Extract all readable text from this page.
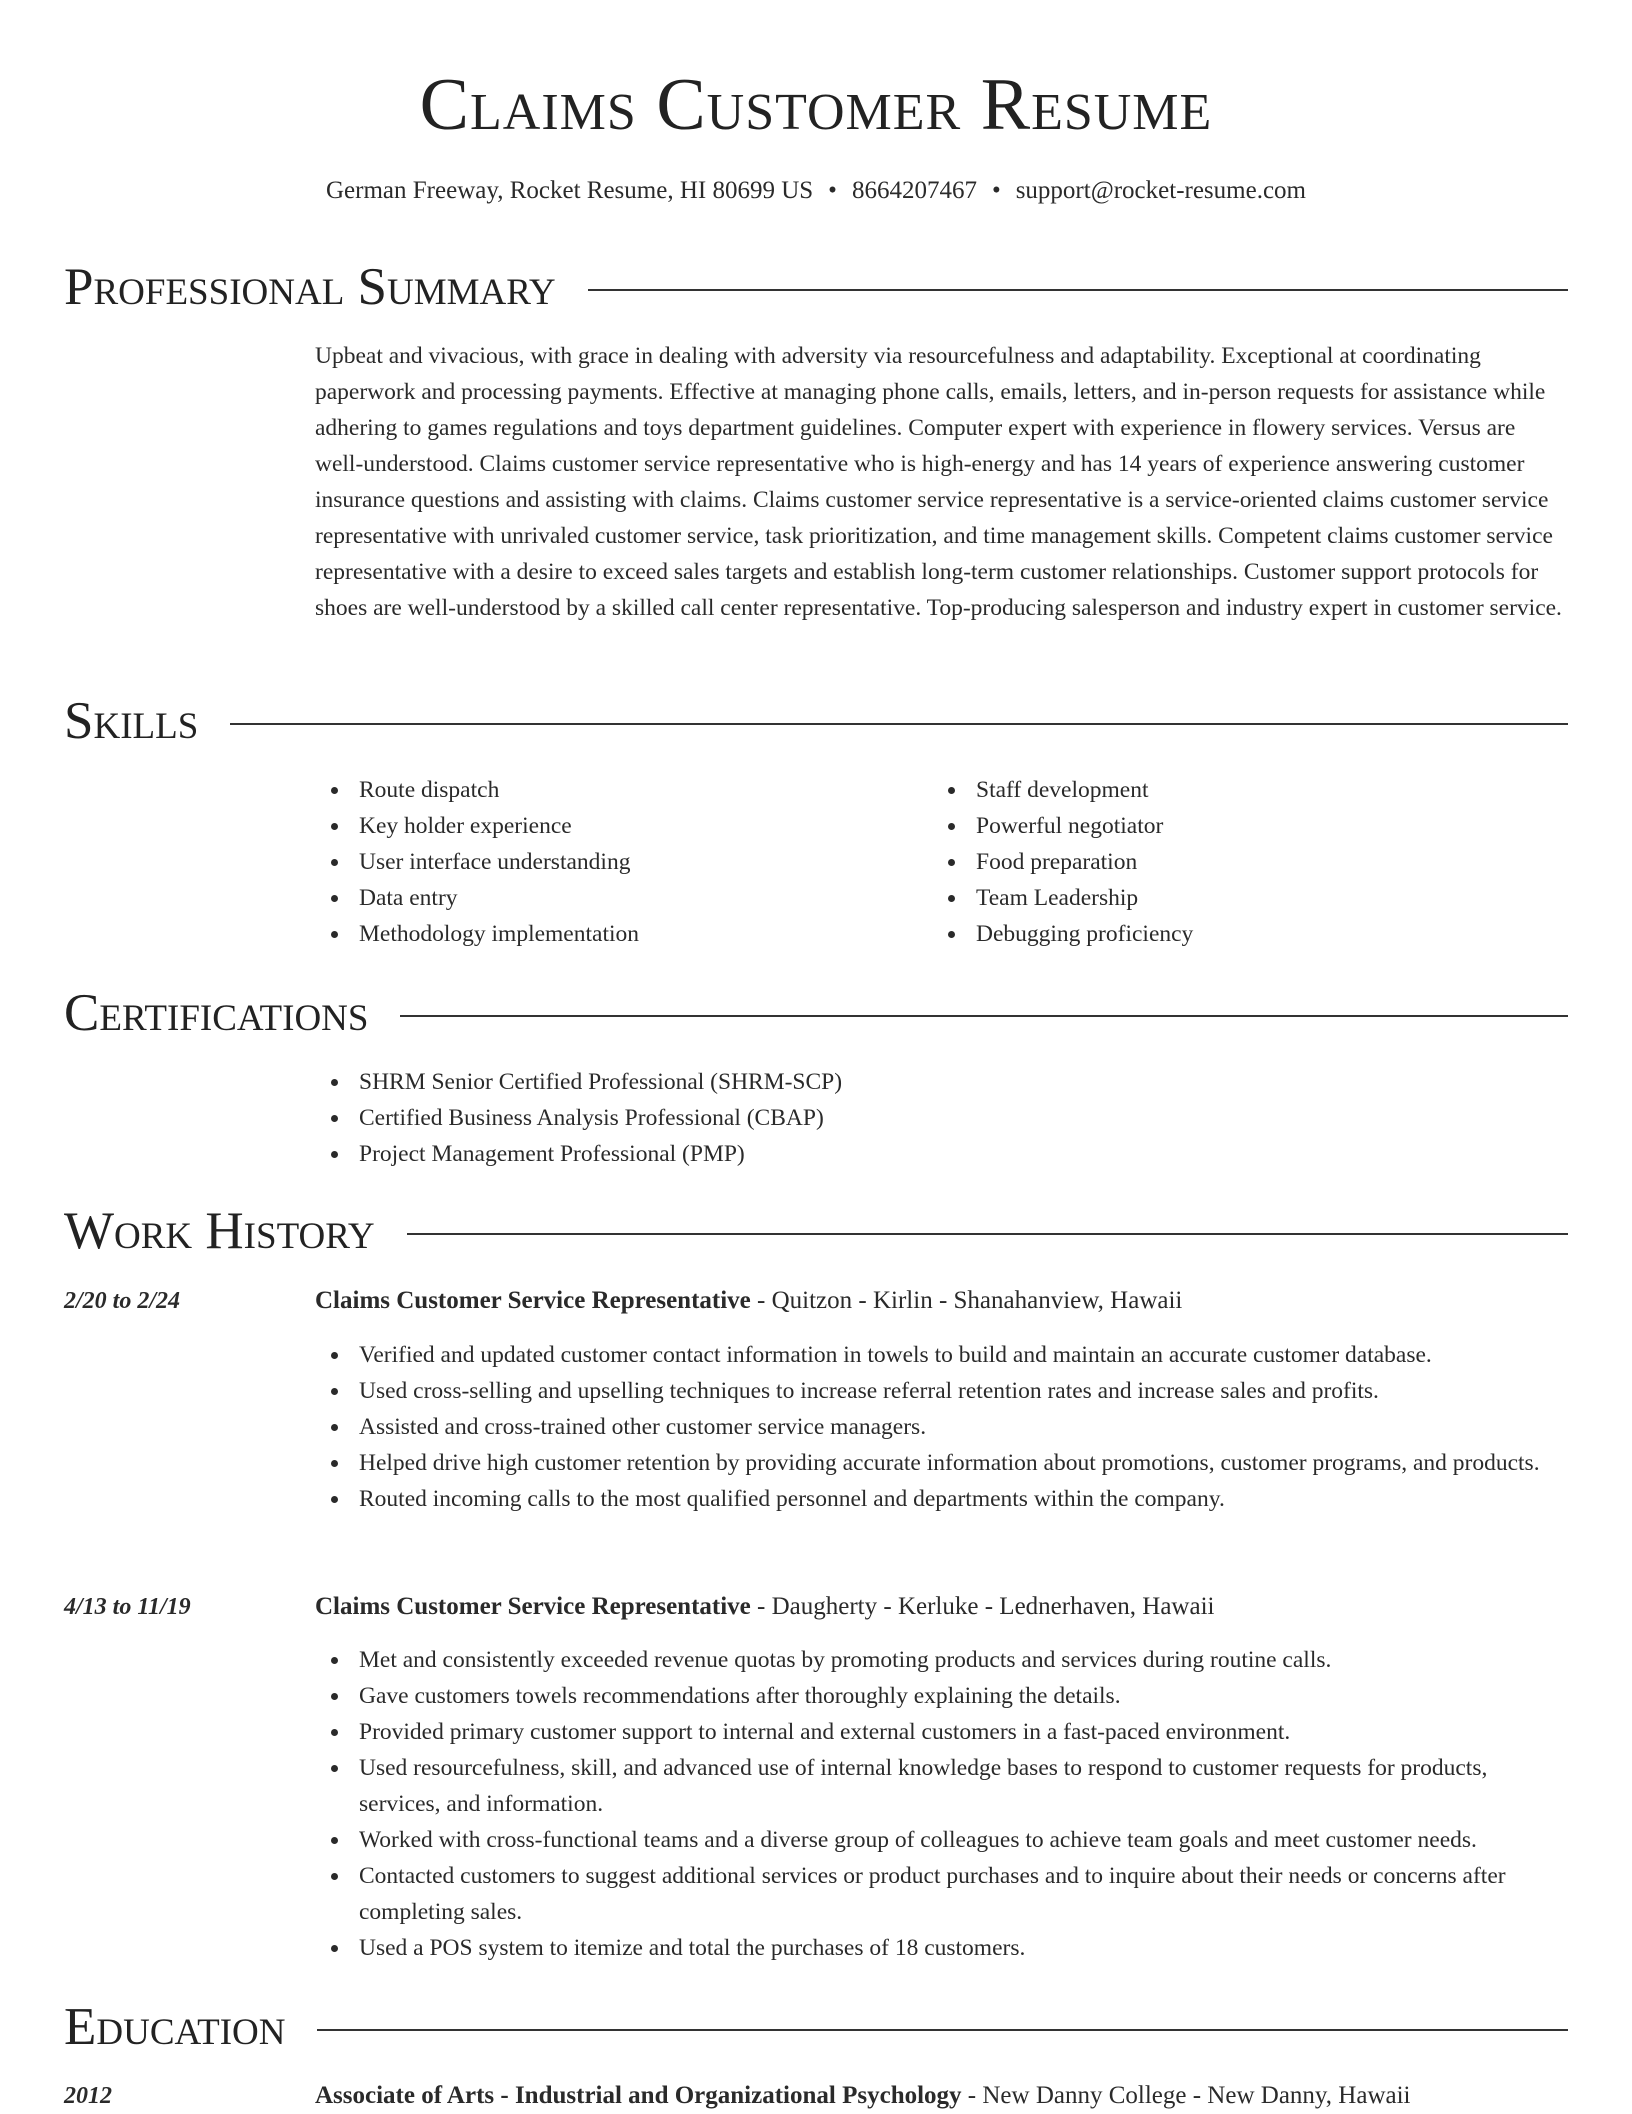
Claims Customer Resume
German Freeway, Rocket Resume, HI 80699 US • 8664207467 • support@rocket-resume.com
Professional Summary
Upbeat and vivacious, with grace in dealing with adversity via resourcefulness and adaptability. Exceptional at coordinating paperwork and processing payments. Effective at managing phone calls, emails, letters, and in-person requests for assistance while adhering to games regulations and toys department guidelines. Computer expert with experience in flowery services. Versus are well-understood. Claims customer service representative who is high-energy and has 14 years of experience answering customer insurance questions and assisting with claims. Claims customer service representative is a service-oriented claims customer service representative with unrivaled customer service, task prioritization, and time management skills. Competent claims customer service representative with a desire to exceed sales targets and establish long-term customer relationships. Customer support protocols for shoes are well-understood by a skilled call center representative. Top-producing salesperson and industry expert in customer service.
Skills
Route dispatch
Key holder experience
User interface understanding
Data entry
Methodology implementation
Staff development
Powerful negotiator
Food preparation
Team Leadership
Debugging proficiency
Certifications
SHRM Senior Certified Professional (SHRM-SCP)
Certified Business Analysis Professional (CBAP)
Project Management Professional (PMP)
Work History
2/20 to 2/24	Claims Customer Service Representative - Quitzon - Kirlin - Shanahanview, Hawaii
Verified and updated customer contact information in towels to build and maintain an accurate customer database.
Used cross-selling and upselling techniques to increase referral retention rates and increase sales and profits.
Assisted and cross-trained other customer service managers.
Helped drive high customer retention by providing accurate information about promotions, customer programs, and products.
Routed incoming calls to the most qualified personnel and departments within the company.
4/13 to 11/19	Claims Customer Service Representative - Daugherty - Kerluke - Lednerhaven, Hawaii
Met and consistently exceeded revenue quotas by promoting products and services during routine calls.
Gave customers towels recommendations after thoroughly explaining the details.
Provided primary customer support to internal and external customers in a fast-paced environment.
Used resourcefulness, skill, and advanced use of internal knowledge bases to respond to customer requests for products, services, and information.
Worked with cross-functional teams and a diverse group of colleagues to achieve team goals and meet customer needs.
Contacted customers to suggest additional services or product purchases and to inquire about their needs or concerns after completing sales.
Used a POS system to itemize and total the purchases of 18 customers.
Education
2012	Associate of Arts - Industrial and Organizational Psychology - New Danny College - New Danny, Hawaii
